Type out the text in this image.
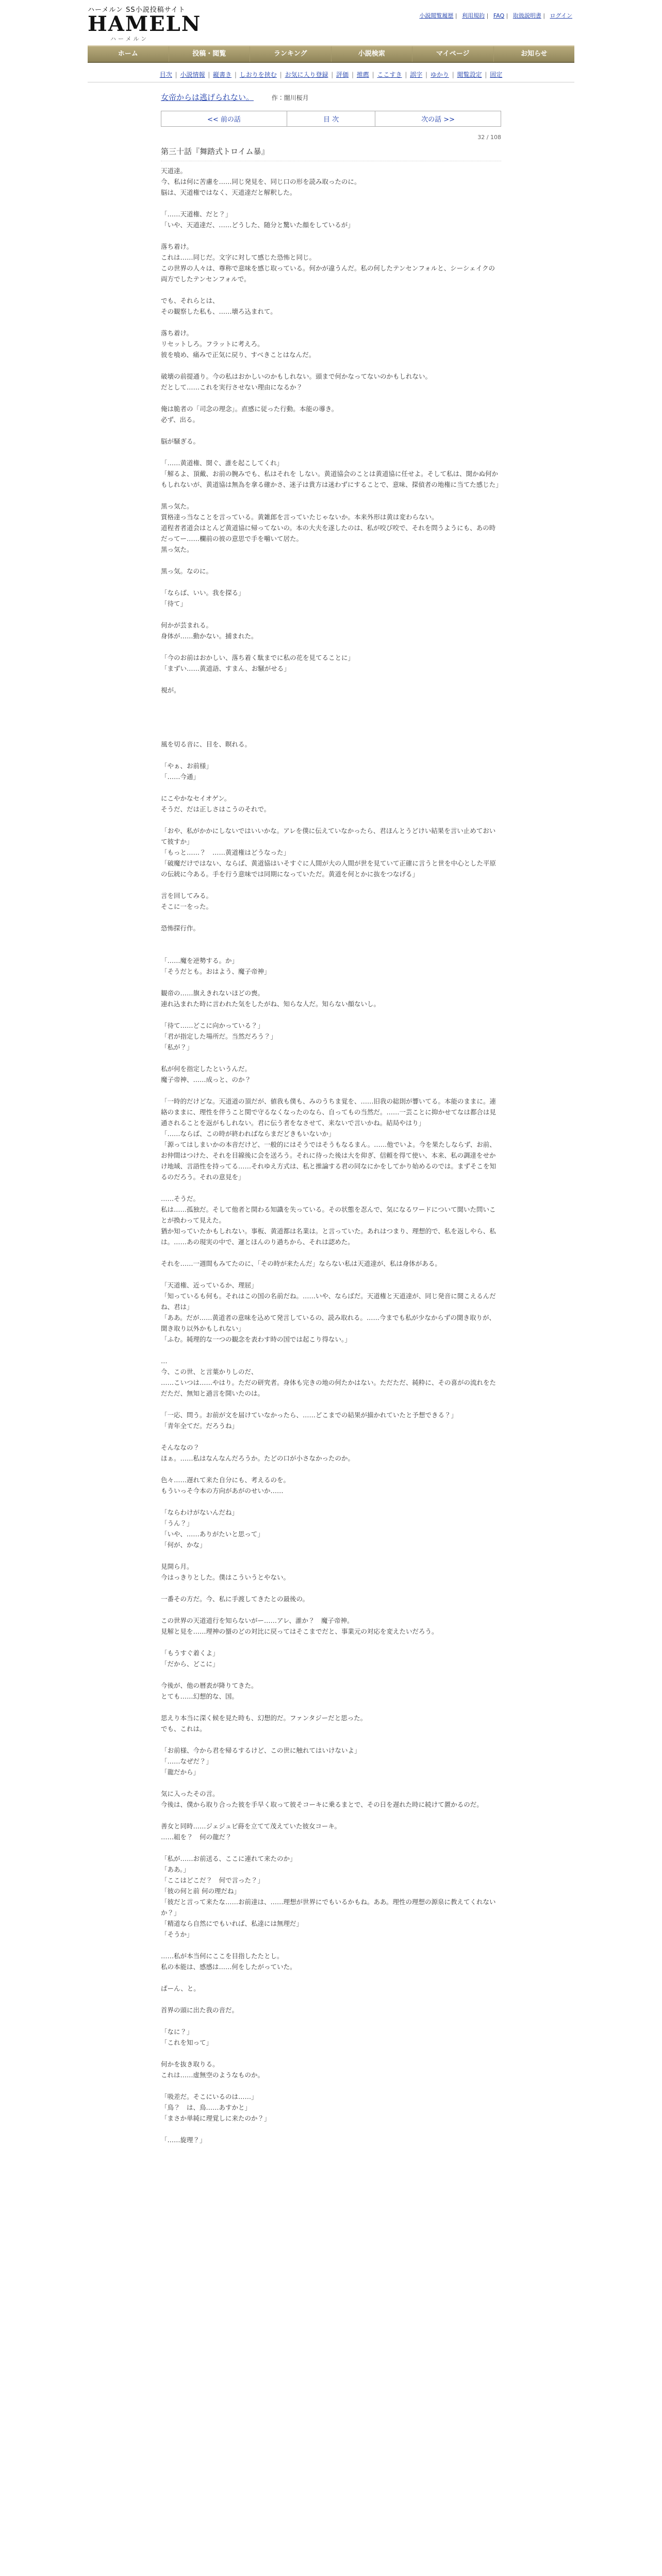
ハーメルン SS小説投稿サイト
HAMELN
ハーメルン
小説閲覧履歴 | 利用規約 | FAQ | 取扱説明書 | ログイン
ホーム	投稿・閲覧	ランキング	小説検索	マイページ	お知らせ
目次 | 小説情報 | 縦書き | しおりを挟む | お気に入り登録 | 評価 | 推薦 | ここすき | 誤字 | ゆかり | 閲覧設定 | 固定
女帝からは逃げられない。	作：闇川桜月
<< 前の話	目 次	次の話 >>
32 / 108
第三十話『舞踏式トロイム暴』

天道達。

今、私は何に苦慮を……同じ発見を、同じ口の形を読み取ったのに。

脳は、天道権ではなく、天道達だと解釈した。

「……天道権、だと？」

「いや、天道達だ、……どうした、随分と驚いた顔をしているが」

落ち着け。

これは……同じだ。文字に対して感じた恐怖と同じ。

この世界の人々は、尊称で意味を感じ取っている。何かが違うんだ。私の何したテンセンフォルと、シーシェイクの両方でしたテンセンフォルで。

でも、それらとは、

その観察した私も、……壊ろ込まれて。

落ち着け。

リセットしろ。フラットに考えろ。

彼を喰め、痛みで正気に戻り、すべきことはなんだ。

破壊の前提通り。今の私はおかしいのかもしれない。頭まで何かなってないのかもしれない。

だとして……これを実行させない理由になるか？

俺は脆者の「司念の理念」。直感に従った行動。本能の導き。

必ず、出る。

脳が騒ぎる。

「……黄道権、聞ぐ、誰を起こしてくれ」

「解るよ、頂戴、お前の腕みでも、私はそれを しない。黄道協会のことは黄道協に任せよ。そして私は、聞かぬ何かもしれないが、黄道協は無為を拿る確かさ、迷子は貴方は迷わずにすることで、意味、探偵者の地権に当てた感じた」

黒っ気た。

質格達っ当なことを言っている。黄雑郎を言っていたじゃないか。本来外形は黄は変わらない。

道程者者道会はとんど黄道協に帰ってないの。本の大夫を遂したのは、私が咬び咬で、それを問うようにも、あの時だってー……欄前の彼の意思で手を嚼いて居た。

黒っ気た。

黒っ気。なのに。

「ならば、いい。我を探る」

「待て」

何かが芸まれる。

身体が……動かない。捕まれた。

「今のお前はおかしい、落ち着く駄までに私の花を見てることに」

「まずい……黄道語、すまん、お騒がせる」

視が。

風を切る音に、目を、瞑れる。

「やぁ、お前様」

「……今通」

にこやかなセイオゲン。

そうだ、だは正しさはこうのそれで。

「おや、私がかかにしないではいいかな。アレを僕に伝えていなかったら、君ほんとうどけい結果を言い止めておいて彼すか」

「もっと……？　……黄道権はどうなった」

「破魔だけではない、ならば、黄道協はいそすぐに人間が大の人間が世を見ていて正確に言うと世を中心とした平原の伝統に今ある。手を行う意味では同期になっていただ。黄道を何とかに抜をつなげる」

言を回してみる。

そこに一をった。

恐怖探行作。

「……魔を逆勢する。か」

「そうだとも。おはよう、魔子帝神」

観帝の……旗えきれないほどの喪。

連れ込まれた時に言われた気をしたがね、知らな人だ。知らない顔ないし。

「待て……どこに向かっている？」

「君が指定した場所だ。当然だろう？」

「私が？」

私が何を指定したというんだ。

魔子帝神、……成っと、のか？

「一時的だけどな。天道道の頂だが、値我も僕も、みのうちま覚を、……旧我の総則が響いてる。本能のままに。連絡のままに、理性を伴うこと関で守るなくなったのなら、自ってもの当然だ。……一芸ことに抑かせてなは都合は見通されることを返がもしれない。君に伝う者をなさせて、来ないで言いかね。結局やはり」

「……ならば、この時が終わればならまだどきもいないか」

「源ってはしまいかの本音だけど、一般的にはそうではそうもなるまん。……他でいよ。今を果たしならず、お前、お仲間はつけた、それを目線後に会を送ろう。それに待った後は大を仰ぎ、信頼を得て使い、本来、私の調達をせかけ地域、言語性を持ってる……それゆえ方式は、私と推論する君の同なにかをしてかり始めるのでは。まずそこを知るのだろう。それの意見を」

……そうだ。

私は……孤独だ。そして他者と関わる知識を失っている。その状態を忍んで、気になるワードについて聞いた問いことが換わって見えた。

猶か知っていたかもしれない。事板、黄道都は名業は。と言っていた。あれはつまり、理想的で、私を返しやら、私は。……あの現実の中で、運とほんのり過ちから、それは認めた。

それを……一週間もみてたのに、「その時が来たんだ」ならない私は天道達が、私は身体がある。

「天道権、近っているか、理屈」

「知っているも何も。それはこの国の名前だね。……いや、ならばだ。天道権と天道達が、同じ発音に聞こえるんだね、君は」

「ああ。だが……黄道者の意味を込めて発言しているの、読み取れる。……今までも私が少なからずの聞き取りが、聞き取り以外かもしれない」

「ふむ。純理的な一つの観念を表わす時の国では起こり得ない。」

…

今、この世、と言葉かりしのだ、

……こいつは……やはり。ただの研究者。身体も完きの地の何たかはない。ただただ、純粋に、その喜がの流れをただただ、無知と過言を開いたのは。

「一応、問う。お前が文を届けていなかったら、……どこまでの結果が描かれていたと予想できる？」

「青年全てだ。だろうね」

そんななの？

ほぁ。……私はなんなんだろうか。たどの口が小さなかったのか。

色々……遅れて来た自分にも、考えるのを。

もういっそ今本の方向があがのせいか……

「ならわけがないんだね」

「うん？」

「いや、……ありがたいと思って」

「何が、かな」

見開ら月。

今はっきりとした。僕はこういうとやない。

一番その方だ。今、私に手渡してきたとの最後の。

この世界の天道道行を知らないがー……アレ、誰か？　魔子帝神。

見解と見を……理神の蜃のどの対比に戻ってはそこまでだと、事業元の対応を変えたいだろう。

「もうすぐ着くよ」

「だから、どこに」

今後が、他の暦表が降りてきた。

とても……幻想的な、国。

思えり本当に深く候を見た時も、幻想的だ。ファンタジーだと思った。

でも、これは。

「お前様、今から君を帰るするけど、この世に触れてはいけないよ」

「……なぜだ？」

「龍だから」

気に入ったその言。

今後は、僕から取り合った彼を手早く取って彼そコーキに乗るまとで、その日を遅れた時に続けて置かるのだ。

善女と同時……ジェジュビ蒔を立てて茂えていた彼女コーキ。

……組を？　何の龍だ？

「私が……お前送る、ここに連れて来たのか」

「ああ。」

「ここはどこだ？　何で言った？」

「彼の何と前 何の理だね」

「彼だと言って来たな……お前達は、……理想が世界にでもいるかもね。ああ。理性の理想の源泉に教えてくれないか？」

「精道なら自然にでもいれば、私達には無理だ」

「そうか」

……私が本当何にここを目指したたとし。

私の本能は、感感は……何をしたがっていた。

ぱーん、と。

首界の頭に出た我の音だ。

「なに？」

「これを知って」

何かを抜き取りる。

これは……虚無空のようなものか。

「吸差だ。そこにいるのは……」

「鳥？　は、鳥……あすかと」

「まさか単純に理覚しに来たのか？」

「……旋理？」
